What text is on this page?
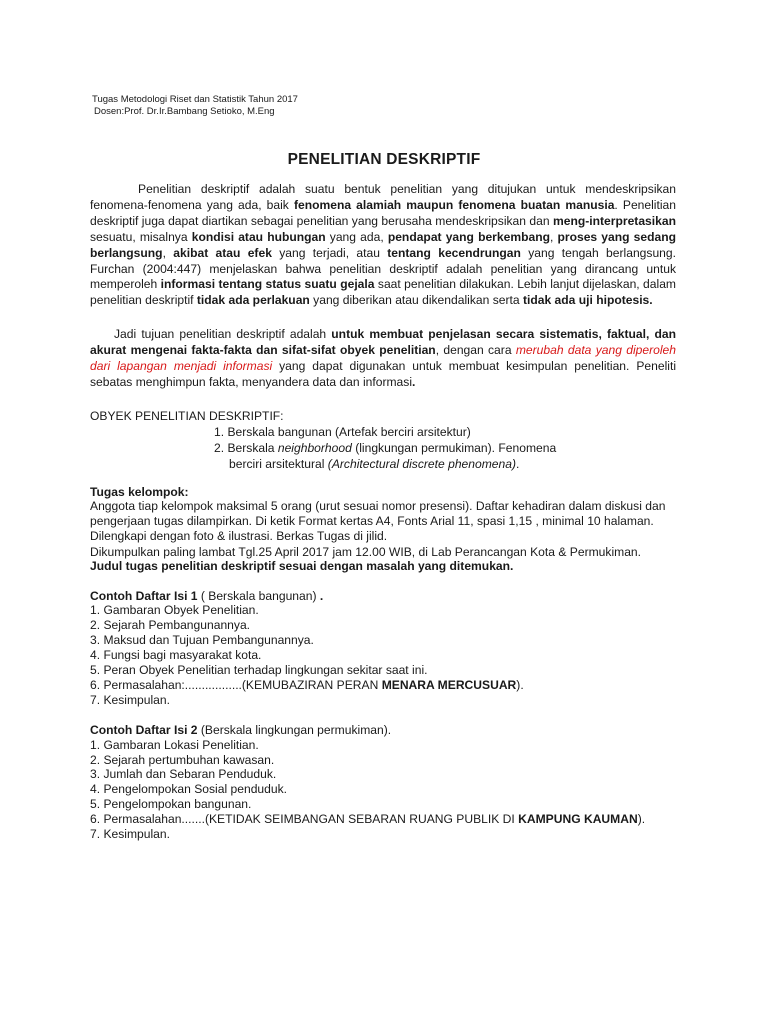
Tugas Metodologi Riset dan Statistik Tahun 2017
Dosen:Prof. Dr.Ir.Bambang Setioko, M.Eng
PENELITIAN DESKRIPTIF

Penelitian deskriptif adalah suatu bentuk penelitian yang ditujukan untuk mendeskripsikan fenomena-fenomena yang ada, baik fenomena alamiah maupun fenomena buatan manusia. Penelitian deskriptif juga dapat diartikan sebagai penelitian yang berusaha mendeskripsikan dan meng-interpretasikan sesuatu, misalnya kondisi atau hubungan yang ada, pendapat yang berkembang, proses yang sedang berlangsung, akibat atau efek yang terjadi, atau tentang kecendrungan yang tengah berlangsung. Furchan (2004:447) menjelaskan bahwa penelitian deskriptif adalah penelitian yang dirancang untuk memperoleh informasi tentang status suatu gejala saat penelitian dilakukan. Lebih lanjut dijelaskan, dalam penelitian deskriptif tidak ada perlakuan yang diberikan atau dikendalikan serta tidak ada uji hipotesis.

Jadi tujuan penelitian deskriptif adalah untuk membuat penjelasan secara sistematis, faktual, dan akurat mengenai fakta-fakta dan sifat-sifat obyek penelitian, dengan cara merubah data yang diperoleh dari lapangan menjadi informasi yang dapat digunakan untuk membuat kesimpulan penelitian. Peneliti sebatas menghimpun fakta, menyandera data dan informasi.

OBYEK PENELITIAN DESKRIPTIF:
1. Berskala bangunan (Artefak berciri arsitektur)
2. Berskala neighborhood (lingkungan permukiman). Fenomena
berciri arsitektural (Architectural discrete phenomena).
Tugas kelompok:

Anggota tiap kelompok maksimal 5 orang (urut sesuai nomor presensi). Daftar kehadiran dalam diskusi dan pengerjaan tugas dilampirkan. Di ketik Format kertas A4, Fonts Arial 11, spasi 1,15 , minimal 10 halaman. Dilengkapi dengan foto & ilustrasi. Berkas Tugas di jilid.

Dikumpulkan paling lambat Tgl.25 April 2017 jam 12.00 WIB, di Lab Perancangan Kota & Permukiman.
Judul tugas penelitian deskriptif sesuai dengan masalah yang ditemukan.
Contoh Daftar Isi 1 ( Berskala bangunan) .
1. Gambaran Obyek Penelitian.
2. Sejarah Pembangunannya.
3. Maksud dan Tujuan Pembangunannya.
4. Fungsi bagi masyarakat kota.
5. Peran Obyek Penelitian terhadap lingkungan sekitar saat ini.
6. Permasalahan:.................(KEMUBAZIRAN PERAN MENARA MERCUSUAR).
7. Kesimpulan.
Contoh Daftar Isi 2 (Berskala lingkungan permukiman).
1. Gambaran Lokasi Penelitian.
2. Sejarah pertumbuhan kawasan.
3. Jumlah dan Sebaran Penduduk.
4. Pengelompokan Sosial penduduk.
5. Pengelompokan bangunan.
6. Permasalahan.......(KETIDAK SEIMBANGAN SEBARAN RUANG PUBLIK DI KAMPUNG KAUMAN).
7. Kesimpulan.
